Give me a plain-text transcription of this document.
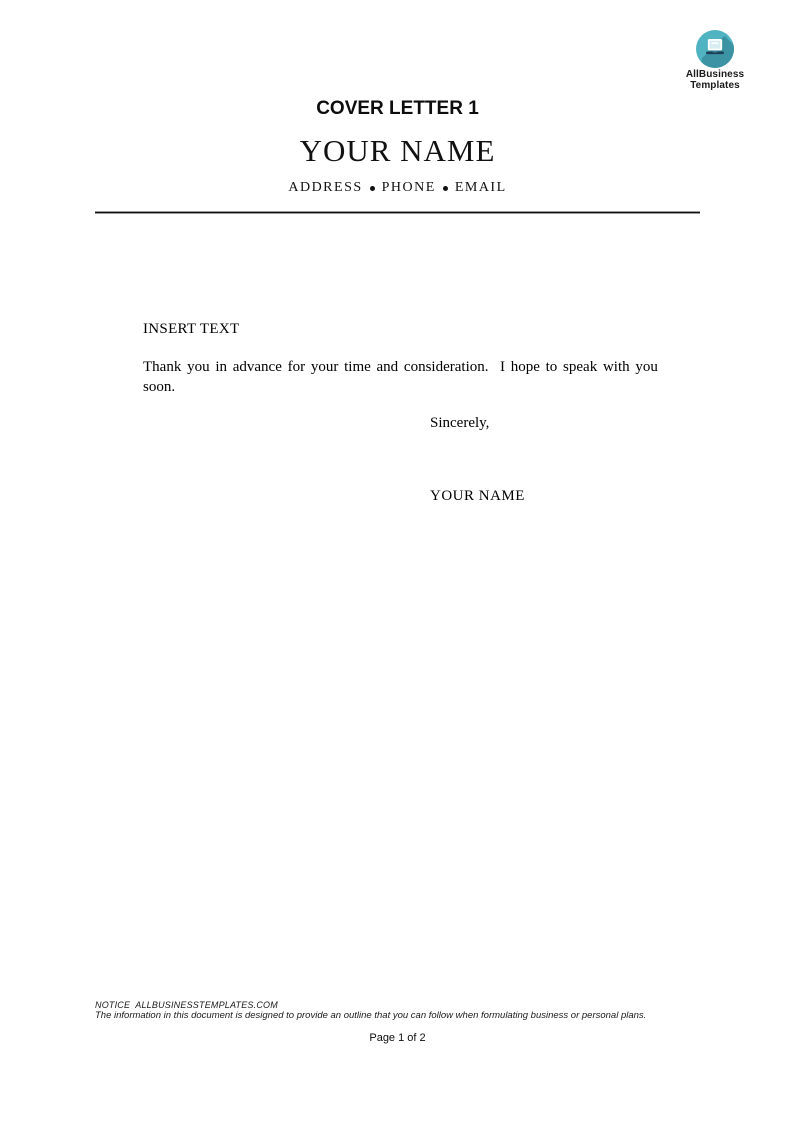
AllBusiness
Templates
COVER LETTER 1
YOUR NAME
ADDRESS PHONE EMAIL
INSERT TEXT
Thank you in advance for your time and consideration.  I hope to speak with you soon.
Sincerely,
YOUR NAME
NOTICE  ALLBUSINESSTEMPLATES.COM
The information in this document is designed to provide an outline that you can follow when formulating business or personal plans.
Page 1 of 2
